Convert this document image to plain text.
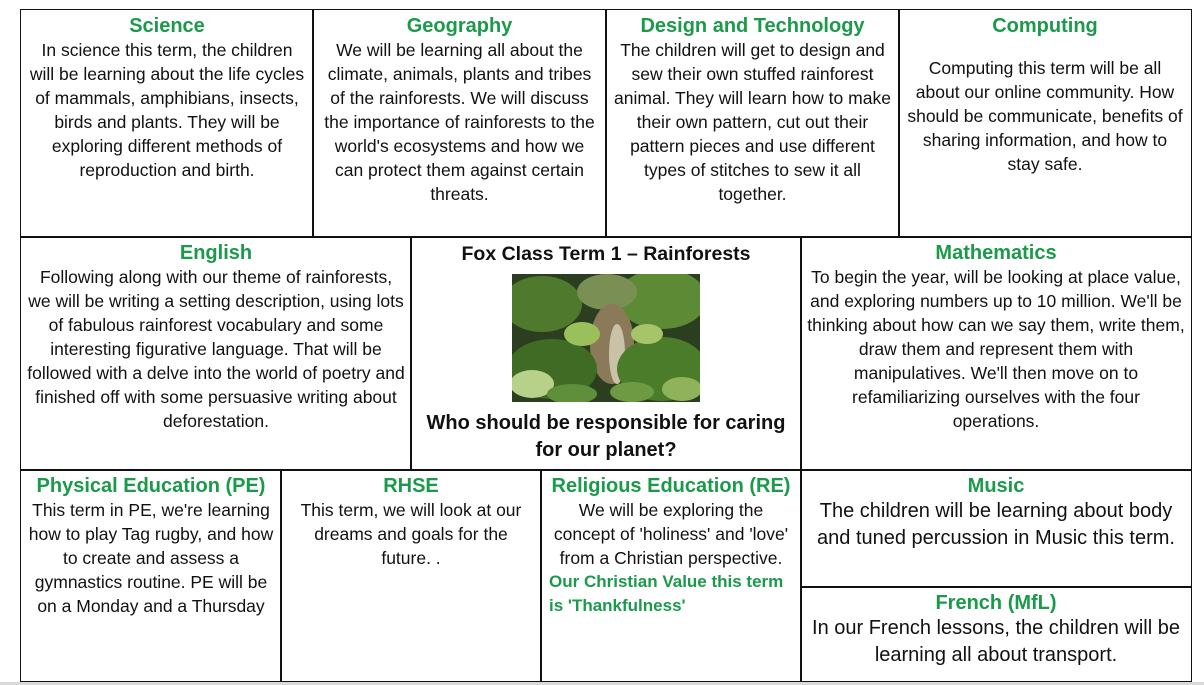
Science
In science this term, the children will be learning about the life cycles of mammals, amphibians, insects, birds and plants. They will be exploring different methods of reproduction and birth.
Geography
We will be learning all about the climate, animals, plants and tribes of the rainforests. We will discuss the importance of rainforests to the world's ecosystems and how we can protect them against certain threats.
Design and Technology
The children will get to design and sew their own stuffed rainforest animal. They will learn how to make their own pattern, cut out their pattern pieces and use different types of stitches to sew it all together.
Computing
Computing this term will be all about our online community. How should be communicate, benefits of sharing information, and how to stay safe.
English
Following along with our theme of rainforests, we will be writing a setting description, using lots of fabulous rainforest vocabulary and some interesting figurative language. That will be followed with a delve into the world of poetry and finished off with some persuasive writing about deforestation.
Fox Class Term 1 – Rainforests
Who should be responsible for caring for our planet?
Mathematics
To begin the year, will be looking at place value, and exploring numbers up to 10 million. We'll be thinking about how can we say them, write them, draw them and represent them with manipulatives. We'll then move on to refamiliarizing ourselves with the four operations.
Physical Education (PE)
This term in PE, we're learning how to play Tag rugby, and how to create and assess a gymnastics routine. PE will be on a Monday and a Thursday
RHSE
This term, we will look at our dreams and goals for the future. .
Religious Education (RE)
We will be exploring the concept of 'holiness' and 'love' from a Christian perspective.
Our Christian Value this term is 'Thankfulness'
Music
The children will be learning about body and tuned percussion in Music this term.
French (MfL)
In our French lessons, the children will be learning all about transport.
